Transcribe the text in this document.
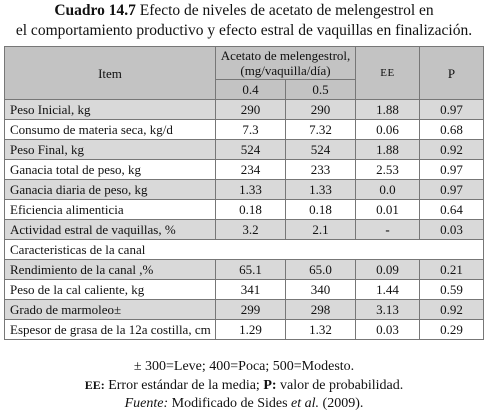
Cuadro 14.7 Efecto de niveles de acetato de melengestrol en
el comportamiento productivo y efecto estral de vaquillas en finalización.
Item	Acetato de melengestrol, (mg/vaquilla/día)		EE	P
	0.4	0.5		
Peso Inicial, kg	290	290	1.88	0.97
Consumo de materia seca, kg/d	7.3	7.32	0.06	0.68
Peso Final, kg	524	524	1.88	0.92
Ganacia total de peso, kg	234	233	2.53	0.97
Ganacia diaria de peso, kg	1.33	1.33	0.0	0.97
Eficiencia alimenticia	0.18	0.18	0.01	0.64
Actividad estral de vaquillas, %	3.2	2.1	-	0.03
Caracteristicas de la canal				
Rendimiento de la canal ,%	65.1	65.0	0.09	0.21
Peso de la cal caliente, kg	341	340	1.44	0.59
Grado de marmoleo±	299	298	3.13	0.92
Espesor de grasa de la 12a costilla, cm	1.29	1.32	0.03	0.29
± 300=Leve; 400=Poca; 500=Modesto.
EE: Error estándar de la media; P: valor de probabilidad.
Fuente: Modificado de Sides et al. (2009).
